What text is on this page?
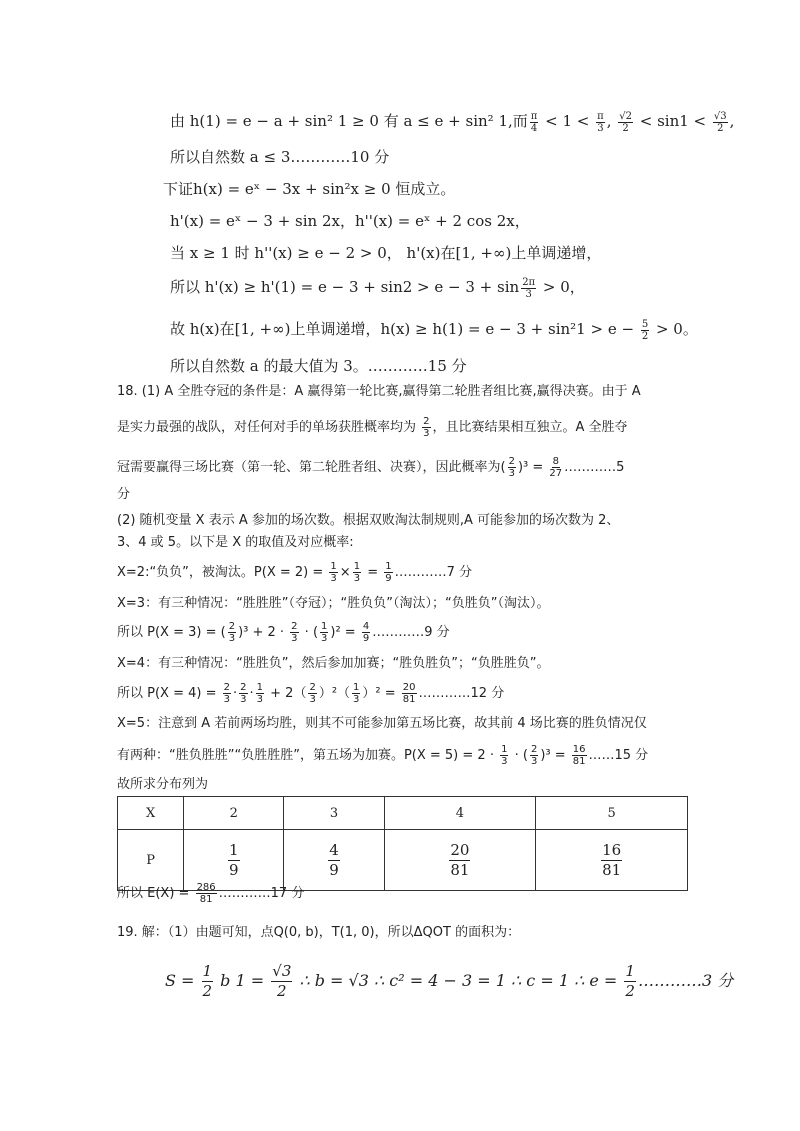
由 h(1) = e − a + sin² 1 ≥ 0 有 a ≤ e + sin² 1,而 $\frac{\pi}{4} < 1 < \frac{\pi}{3}$ , $\frac{√2}{2} < \sin 1 < \frac{√3}{2}$ ,
所以自然数 a ≤ 3…………10 分
下证h(x) = eˣ − 3x + sin²x ≥ 0 恒成立。
h'(x) = eˣ − 3 + sin 2x，h''(x) = eˣ + 2 cos 2x，
当 x ≥ 1 时 h''(x) ≥ e − 2 > 0， h'(x)在[1, +∞)上单调递增，
所以 $h'(x) \ge h'(1) = e - 3 + \sin 2 > e - 3 + \sin \frac{2\pi}{3} > 0$，
故 h(x)在[1, +∞)上单调递增，$h(x) \ge h(1) = e - 3 + \sin^21 > e - \frac{5}{2} > 0$。
所以自然数 a 的最大值为 3。…………15 分
18. (1) A 全胜夺冠的条件是：A 赢得第一轮比赛,赢得第二轮胜者组比赛,赢得决赛。由于 A
是实力最强的战队，对任何对手的单场获胜概率均为 $\frac{2}{3}$ ，且比赛结果相互独立。A 全胜夺
冠需要赢得三场比赛（第一轮、第二轮胜者组、决赛），因此概率为( $\frac{2}{3} )^3 = \frac{8}{27}$ …………5
分
(2) 随机变量 X 表示 A 参加的场次数。根据双败淘汰制规则,A 可能参加的场次数为 2、
3、4 或 5。以下是 X 的取值及对应概率:
X=2:“负负”，被淘汰。$P(X = 2) = \frac{1}{3} \times \frac{1}{3} = \frac{1}{9}$ …………7 分
X=3：有三种情况：“胜胜胜”（夺冠）；“胜负负”（淘汰）；“负胜负”（淘汰）。
所以 P(X = 3) = ( $\frac{2}{3} )^3 + 2 \cdot \frac{2}{3}$ · ( $\frac{1}{3} )^2 = \frac{4}{9}$ …………9 分
X=4：有三种情况：“胜胜负”，然后参加加赛；“胜负胜负”；“负胜胜负”。
所以 $P(X = 4) = \frac{2}{3} \cdot \frac{2}{3} \cdot \frac{1}{3} + 2( \frac{2}{3} )^2( \frac{1}{3} )^2 = \frac{20}{81}$ …………12 分
X=5：注意到 A 若前两场均胜，则其不可能参加第五场比赛，故其前 4 场比赛的胜负情况仅
有两种：“胜负胜胜”“负胜胜胜”，第五场为加赛。$P(X = 5) = 2 \cdot \frac{1}{3}$ · ( $\frac{2}{3} )^3 = \frac{16}{81}$ ……15 分
故所求分布列为
X	2	3	4	5
P	$\frac{1}{9}$	$\frac{4}{9}$	$\frac{20}{81}$	$\frac{16}{81}$
所以 $E(X) = \frac{286}{81}$ …………17 分
19. 解：（1）由题可知，点Q(0, b)，T(1, 0)，所以ΔQOT 的面积为：
$S = \frac{1}{2}$ b $1 = \frac{√3}{2}$ ∴ b = √3 ∴ c² = 4 − 3 = 1 ∴ c = 1 ∴ $e = \frac{1}{2}$ …………3 分
